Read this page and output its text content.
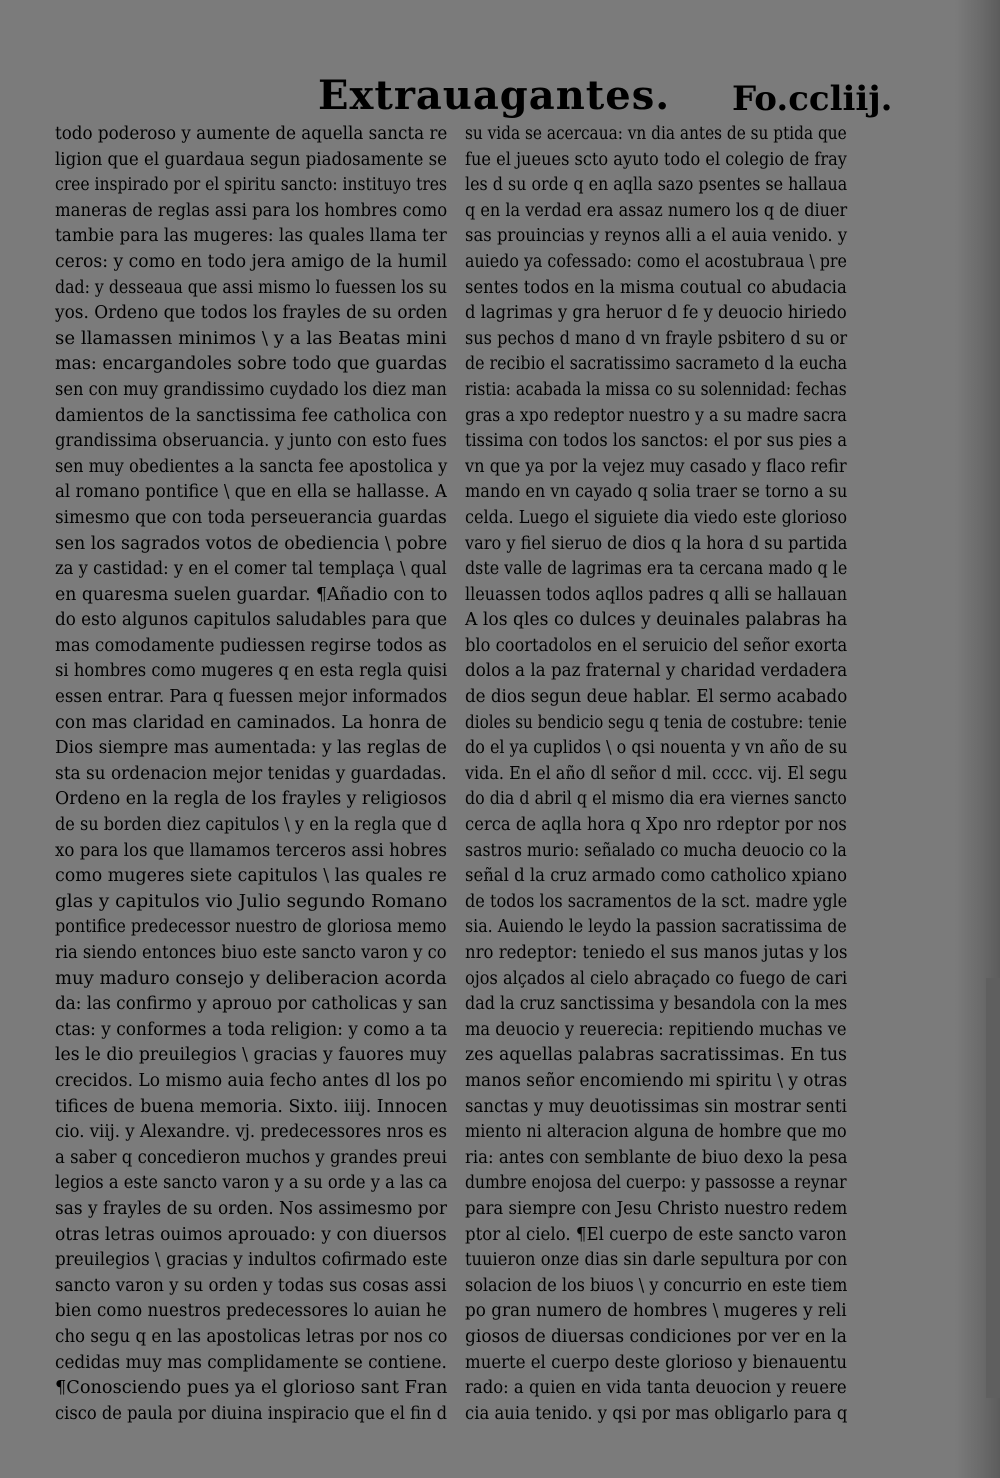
Extrauagantes. Fo.ccliij.
todo poderoso y aumente de aquella sancta re
ligion que el guardaua segun piadosamente se
cree inspirado por el spiritu sancto: instituyo tres
maneras de reglas assi para los hombres como
tambie para las mugeres: las quales llama ter
ceros: y como en todo jera amigo de la humil
dad: y desseaua que assi mismo lo fuessen los su
yos. Ordeno que todos los frayles de su orden
se llamassen minimos \ y a las Beatas mini
mas: encargandoles sobre todo que guardas
sen con muy grandissimo cuydado los diez man
damientos de la sanctissima fee catholica con
grandissima obseruancia. y junto con esto fues
sen muy obedientes a la sancta fee apostolica y
al romano pontifice \ que en ella se hallasse. A
simesmo que con toda perseuerancia guardas
sen los sagrados votos de obediencia \ pobre
za y castidad: y en el comer tal templaça \ qual
en quaresma suelen guardar. ¶Añadio con to
do esto algunos capitulos saludables para que
mas comodamente pudiessen regirse todos as
si hombres como mugeres q en esta regla quisi
essen entrar. Para q fuessen mejor informados
con mas claridad en caminados. La honra de
Dios siempre mas aumentada: y las reglas de
sta su ordenacion mejor tenidas y guardadas.
Ordeno en la regla de los frayles y religiosos
de su borden diez capitulos \ y en la regla que d
xo para los que llamamos terceros assi hobres
como mugeres siete capitulos \ las quales re
glas y capitulos vio Julio segundo Romano
pontifice predecessor nuestro de gloriosa memo
ria siendo entonces biuo este sancto varon y co
muy maduro consejo y deliberacion acorda
da: las confirmo y aprouo por catholicas y san
ctas: y conformes a toda religion: y como a ta
les le dio preuilegios \ gracias y fauores muy
crecidos. Lo mismo auia fecho antes dl los po
tifices de buena memoria. Sixto. iiij. Innocen
cio. viij. y Alexandre. vj. predecessores nros es
a saber q concedieron muchos y grandes preui
legios a este sancto varon y a su orde y a las ca
sas y frayles de su orden. Nos assimesmo por
otras letras ouimos aprouado: y con diuersos
preuilegios \ gracias y indultos cofirmado este
sancto varon y su orden y todas sus cosas assi
bien como nuestros predecessores lo auian he
cho segu q en las apostolicas letras por nos co
cedidas muy mas complidamente se contiene.
¶Conosciendo pues ya el glorioso sant Fran
cisco de paula por diuina inspiracio que el fin d
su vida se acercaua: vn dia antes de su ptida que
fue el jueues scto ayuto todo el colegio de fray
les d su orde q en aqlla sazo psentes se hallaua
q en la verdad era assaz numero los q de diuer
sas prouincias y reynos alli a el auia venido. y
auiedo ya cofessado: como el acostubraua \ pre
sentes todos en la misma coutual co abudacia
d lagrimas y gra heruor d fe y deuocio hiriedo
sus pechos d mano d vn frayle psbitero d su or
de recibio el sacratissimo sacrameto d la eucha
ristia: acabada la missa co su solennidad: fechas
gras a xpo redeptor nuestro y a su madre sacra
tissima con todos los sanctos: el por sus pies a
vn que ya por la vejez muy casado y flaco refir
mando en vn cayado q solia traer se torno a su
celda. Luego el siguiete dia viedo este glorioso
varo y fiel sieruo de dios q la hora d su partida
dste valle de lagrimas era ta cercana mado q le
lleuassen todos aqllos padres q alli se hallauan
A los qles co dulces y deuinales palabras ha
blo coortadolos en el seruicio del señor exorta
dolos a la paz fraternal y charidad verdadera
de dios segun deue hablar. El sermo acabado
dioles su bendicio segu q tenia de costubre: tenie
do el ya cuplidos \ o qsi nouenta y vn año de su
vida. En el año dl señor d mil. cccc. vij. El segu
do dia d abril q el mismo dia era viernes sancto
cerca de aqlla hora q Xpo nro rdeptor por nos
sastros murio: señalado co mucha deuocio co la
señal d la cruz armado como catholico xpiano
de todos los sacramentos de la sct. madre ygle
sia. Auiendo le leydo la passion sacratissima de
nro redeptor: teniedo el sus manos jutas y los
ojos alçados al cielo abraçado co fuego de cari
dad la cruz sanctissima y besandola con la mes
ma deuocio y reuerecia: repitiendo muchas ve
zes aquellas palabras sacratissimas. En tus
manos señor encomiendo mi spiritu \ y otras
sanctas y muy deuotissimas sin mostrar senti
miento ni alteracion alguna de hombre que mo
ria: antes con semblante de biuo dexo la pesa
dumbre enojosa del cuerpo: y passosse a reynar
para siempre con Jesu Christo nuestro redem
ptor al cielo. ¶El cuerpo de este sancto varon
tuuieron onze dias sin darle sepultura por con
solacion de los biuos \ y concurrio en este tiem
po gran numero de hombres \ mugeres y reli
giosos de diuersas condiciones por ver en la
muerte el cuerpo deste glorioso y bienauentu
rado: a quien en vida tanta deuocion y reuere
cia auia tenido. y qsi por mas obligarlo para q
